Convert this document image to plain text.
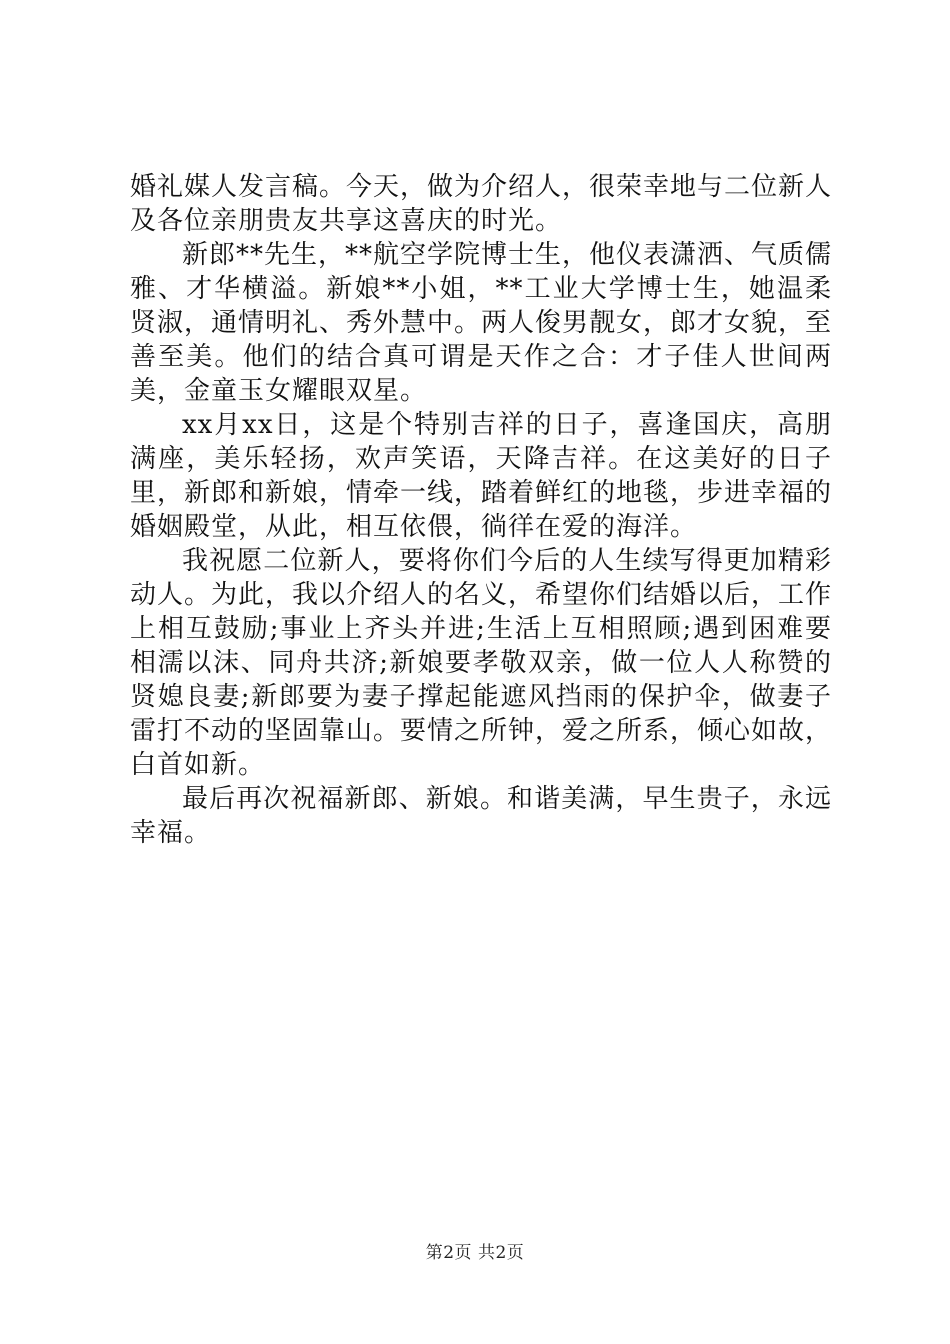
婚礼媒人发言稿。今天，做为介绍人，很荣幸地与二位新人及各位亲朋贵友共享这喜庆的时光。

新郎**先生，**航空学院博士生，他仪表潇洒、气质儒雅、才华横溢。新娘**小姐，**工业大学博士生，她温柔贤淑，通情明礼、秀外慧中。两人俊男靓女，郎才女貌，至善至美。他们的结合真可谓是天作之合：才子佳人世间两美，金童玉女耀眼双星。

xx月xx日，这是个特别吉祥的日子，喜逢国庆，高朋满座，美乐轻扬，欢声笑语，天降吉祥。在这美好的日子里，新郎和新娘，情牵一线，踏着鲜红的地毯，步进幸福的婚姻殿堂，从此，相互依偎，徜徉在爱的海洋。

我祝愿二位新人，要将你们今后的人生续写得更加精彩动人。为此，我以介绍人的名义，希望你们结婚以后，工作上相互鼓励;事业上齐头并进;生活上互相照顾;遇到困难要相濡以沫、同舟共济;新娘要孝敬双亲，做一位人人称赞的贤媳良妻;新郎要为妻子撑起能遮风挡雨的保护伞，做妻子雷打不动的坚固靠山。要情之所钟，爱之所系，倾心如故，白首如新。

最后再次祝福新郎、新娘。和谐美满，早生贵子，永远幸福。

第2页 共2页
